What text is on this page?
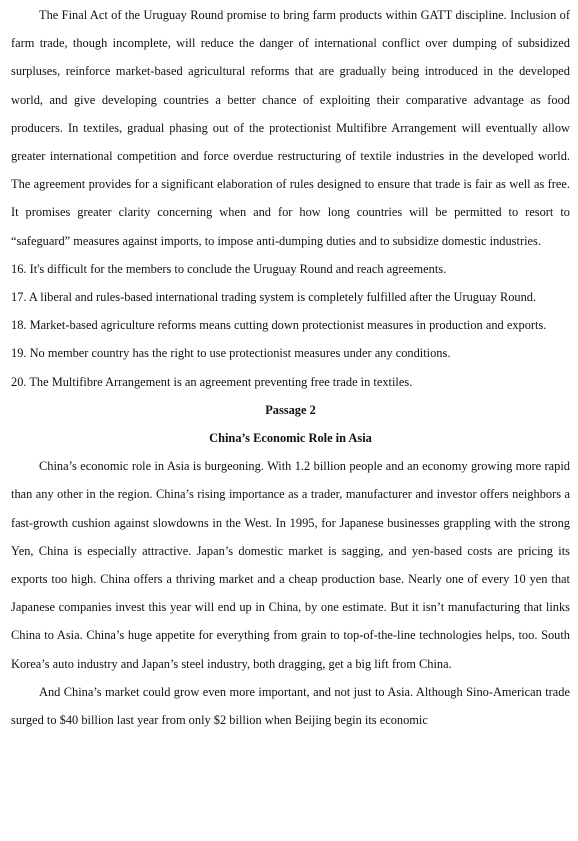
The Final Act of the Uruguay Round promise to bring farm products within GATT discipline. Inclusion of farm trade, though incomplete, will reduce the danger of international conflict over dumping of subsidized surpluses, reinforce market-based agricultural reforms that are gradually being introduced in the developed world, and give developing countries a better chance of exploiting their comparative advantage as food producers. In textiles, gradual phasing out of the protectionist Multifibre Arrangement will eventually allow greater international competition and force overdue restructuring of textile industries in the developed world. The agreement provides for a significant elaboration of rules designed to ensure that trade is fair as well as free. It promises greater clarity concerning when and for how long countries will be permitted to resort to “safeguard” measures against imports, to impose anti-dumping duties and to subsidize domestic industries.

16. It's difficult for the members to conclude the Uruguay Round and reach agreements.

17. A liberal and rules-based international trading system is completely fulfilled after the Uruguay Round.

18. Market-based agriculture reforms means cutting down protectionist measures in production and exports.

19. No member country has the right to use protectionist measures under any conditions.

20. The Multifibre Arrangement is an agreement preventing free trade in textiles.

Passage 2

China’s Economic Role in Asia

China’s economic role in Asia is burgeoning. With 1.2 billion people and an economy growing more rapid than any other in the region. China’s rising importance as a trader, manufacturer and investor offers neighbors a fast-growth cushion against slowdowns in the West. In 1995, for Japanese businesses grappling with the strong Yen, China is especially attractive. Japan’s domestic market is sagging, and yen-based costs are pricing its exports too high. China offers a thriving market and a cheap production base. Nearly one of every 10 yen that Japanese companies invest this year will end up in China, by one estimate. But it isn’t manufacturing that links China to Asia. China’s huge appetite for everything from grain to top-of-the-line technologies helps, too. South Korea’s auto industry and Japan’s steel industry, both dragging, get a big lift from China.

And China’s market could grow even more important, and not just to Asia. Although Sino-American trade surged to $40 billion last year from only $2 billion when Beijing begin its economic
